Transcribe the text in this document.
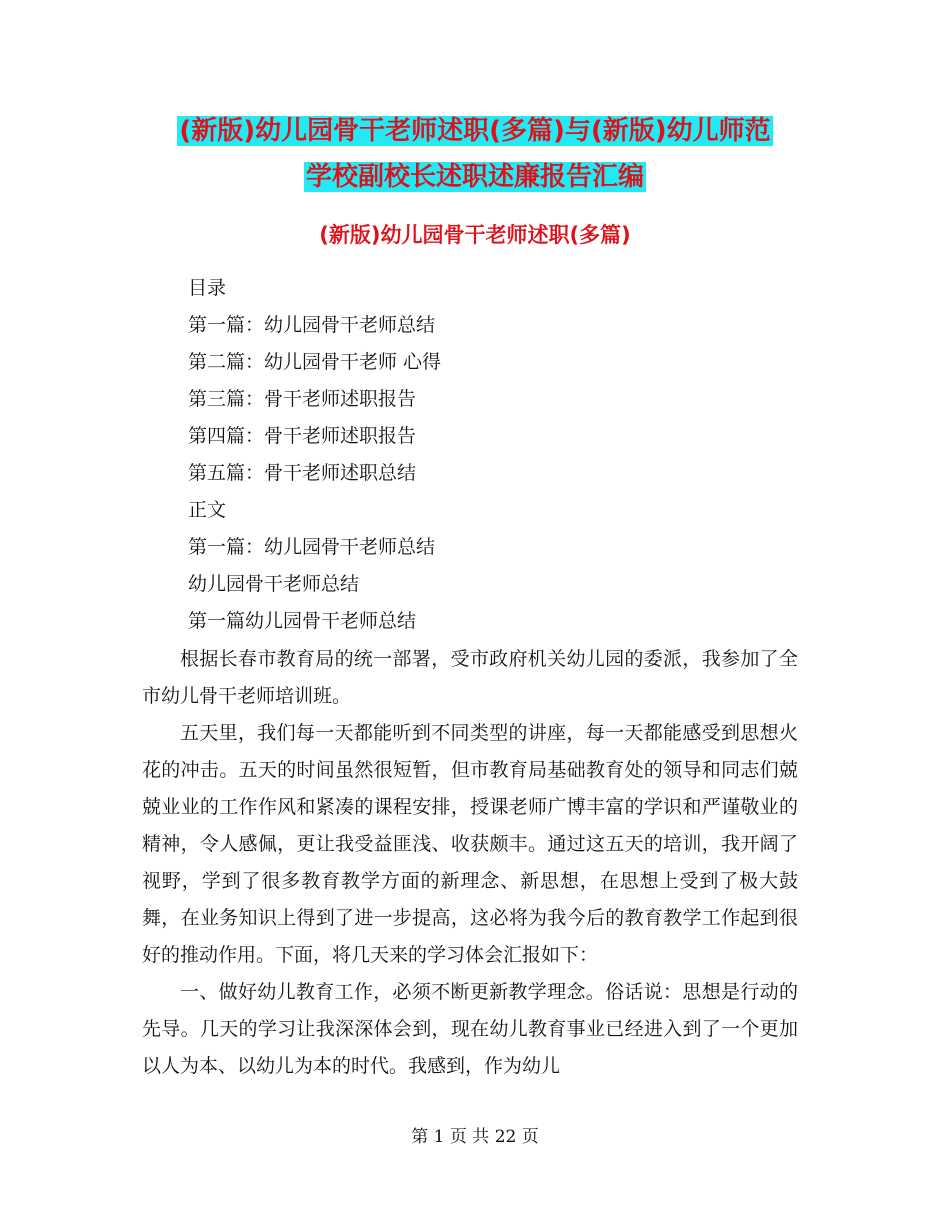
(新版)幼儿园骨干老师述职(多篇)与(新版)幼儿师范
学校副校长述职述廉报告汇编
(新版)幼儿园骨干老师述职(多篇)
目录
第一篇：幼儿园骨干老师总结
第二篇：幼儿园骨干老师 心得
第三篇：骨干老师述职报告
第四篇：骨干老师述职报告
第五篇：骨干老师述职总结
正文
第一篇：幼儿园骨干老师总结
幼儿园骨干老师总结
第一篇幼儿园骨干老师总结

根据长春市教育局的统一部署，受市政府机关幼儿园的委派，我参加了全市幼儿骨干老师培训班。

五天里，我们每一天都能听到不同类型的讲座，每一天都能感受到思想火花的冲击。五天的时间虽然很短暂，但市教育局基础教育处的领导和同志们兢兢业业的工作作风和紧凑的课程安排，授课老师广博丰富的学识和严谨敬业的精神，令人感佩，更让我受益匪浅、收获颇丰。通过这五天的培训，我开阔了视野，学到了很多教育教学方面的新理念、新思想，在思想上受到了极大鼓舞，在业务知识上得到了进一步提高，这必将为我今后的教育教学工作起到很好的推动作用。下面，将几天来的学习体会汇报如下：

一、做好幼儿教育工作，必须不断更新教学理念。俗话说：思想是行动的先导。几天的学习让我深深体会到，现在幼儿教育事业已经进入到了一个更加以人为本、以幼儿为本的时代。我感到，作为幼儿

第 1 页 共 22 页
